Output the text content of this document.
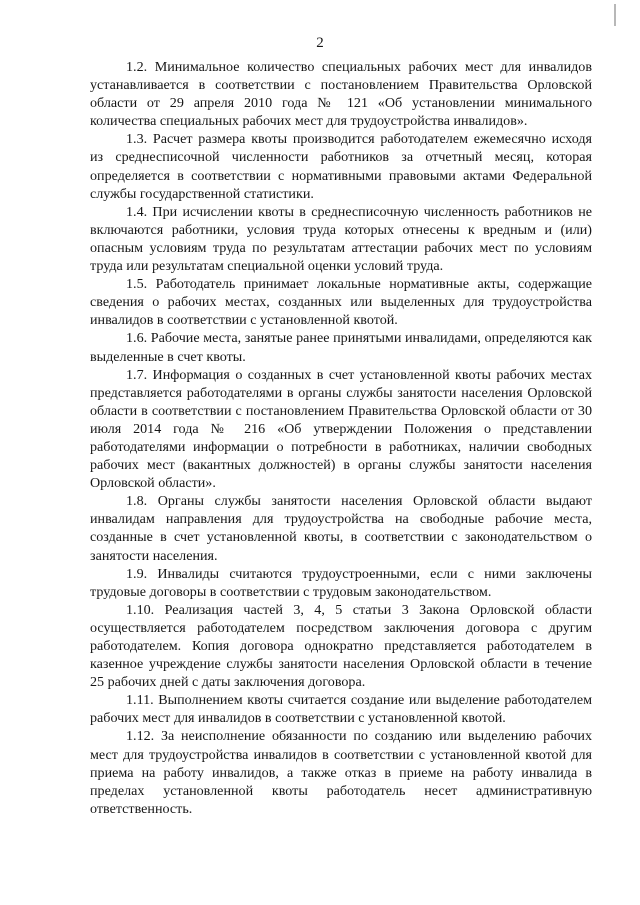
2

1.2. Минимальное количество специальных рабочих мест для инвалидов устанавливается в соответствии с постановлением Правительства Орловской области от 29 апреля 2010 года № 121 «Об установлении минимального количества специальных рабочих мест для трудоустройства инвалидов».

1.3. Расчет размера квоты производится работодателем ежемесячно исходя из среднесписочной численности работников за отчетный месяц, которая определяется в соответствии с нормативными правовыми актами Федеральной службы государственной статистики.

1.4. При исчислении квоты в среднесписочную численность работников не включаются работники, условия труда которых отнесены к вредным и (или) опасным условиям труда по результатам аттестации рабочих мест по условиям труда или результатам специальной оценки условий труда.

1.5. Работодатель принимает локальные нормативные акты, содержащие сведения о рабочих местах, созданных или выделенных для трудоустройства инвалидов в соответствии с установленной квотой.

1.6. Рабочие места, занятые ранее принятыми инвалидами, определяются как выделенные в счет квоты.

1.7. Информация о созданных в счет установленной квоты рабочих местах представляется работодателями в органы службы занятости населения Орловской области в соответствии с постановлением Правительства Орловской области от 30 июля 2014 года № 216 «Об утверждении Положения о представлении работодателями информации о потребности в работниках, наличии свободных рабочих мест (вакантных должностей) в органы службы занятости населения Орловской области».

1.8. Органы службы занятости населения Орловской области выдают инвалидам направления для трудоустройства на свободные рабочие места, созданные в счет установленной квоты, в соответствии с законодательством о занятости населения.

1.9. Инвалиды считаются трудоустроенными, если с ними заключены трудовые договоры в соответствии с трудовым законодательством.

1.10. Реализация частей 3, 4, 5 статьи 3 Закона Орловской области осуществляется работодателем посредством заключения договора с другим работодателем. Копия договора однократно представляется работодателем в казенное учреждение службы занятости населения Орловской области в течение 25 рабочих дней с даты заключения договора.

1.11. Выполнением квоты считается создание или выделение работодателем рабочих мест для инвалидов в соответствии с установленной квотой.

1.12. За неисполнение обязанности по созданию или выделению рабочих мест для трудоустройства инвалидов в соответствии с установленной квотой для приема на работу инвалидов, а также отказ в приеме на работу инвалида в пределах установленной квоты работодатель несет административную ответственность.
